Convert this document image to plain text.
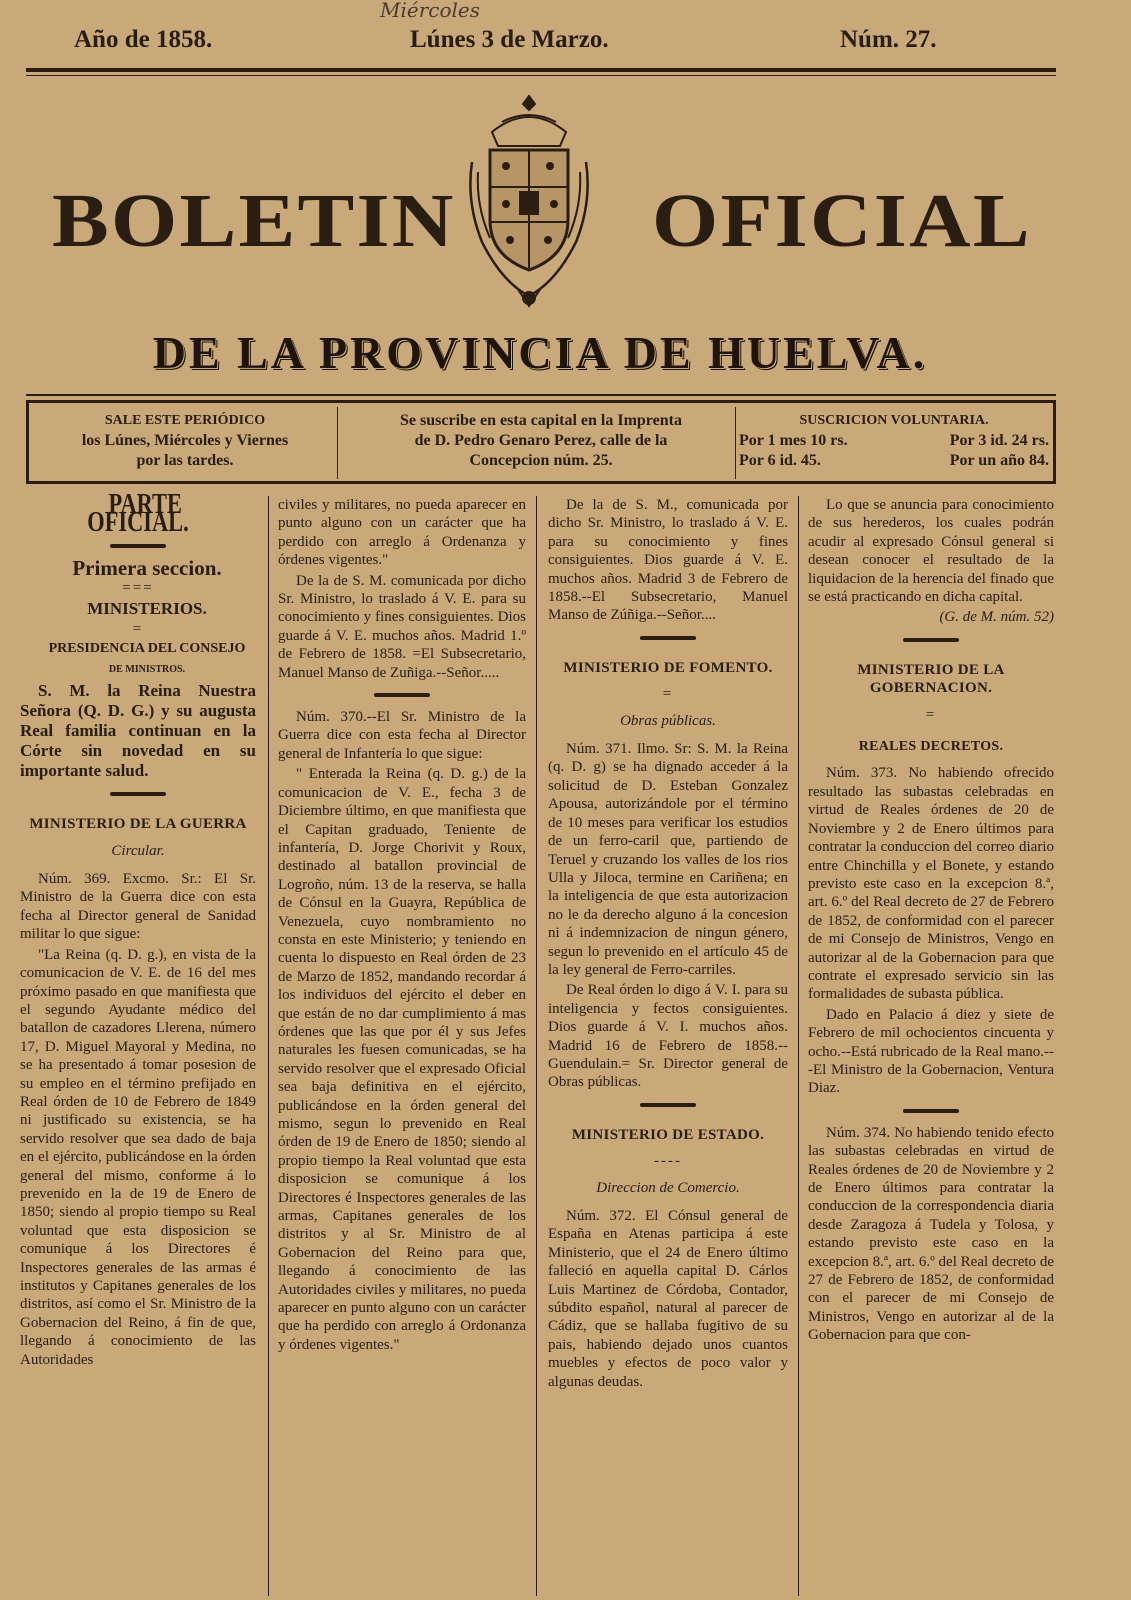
Miércoles
Año de 1858.	Lúnes 3 de Marzo.	Núm. 27.
BOLETIN	OFICIAL
DE LA PROVINCIA DE HUELVA.
SALE ESTE PERIÓDICO
los Lúnes, Miércoles y Viernes
por las tardes.
Se suscribe en esta capital en la Imprenta
de D. Pedro Genaro Perez, calle de la
Concepcion núm. 25.
SUSCRICION VOLUNTARIA.
Por 1 mes 10 rs.	Por 3 id. 24 rs.
Por 6 id. 45.	Por un año 84.

PARTE OFICIAL.

Primera seccion.

===

MINISTERIOS.

=

PRESIDENCIA DEL CONSEJO

DE MINISTROS.

S. M. la Reina Nuestra Señora (Q. D. G.) y su augusta Real familia continuan en la Córte sin novedad en su importante salud.

MINISTERIO DE LA GUERRA

Circular.

Núm. 369. Excmo. Sr.: El Sr. Ministro de la Guerra dice con esta fecha al Director general de Sanidad militar lo que sigue:

"La Reina (q. D. g.), en vista de la comunicacion de V. E. de 16 del mes próximo pasado en que manifiesta que el segundo Ayudante médico del batallon de cazadores Llerena, número 17, D. Miguel Mayoral y Medina, no se ha presentado á tomar posesion de su empleo en el término prefijado en Real órden de 10 de Febrero de 1849 ni justificado su existencia, se ha servido resolver que sea dado de baja en el ejército, publicándose en la órden general del mismo, conforme á lo prevenido en la de 19 de Enero de 1850; siendo al propio tiempo su Real voluntad que esta disposicion se comunique á los Directores é Inspectores generales de las armas é institutos y Capitanes generales de los distritos, así como el Sr. Ministro de la Gobernacion del Reino, á fin de que, llegando á conocimiento de las Autoridades

civiles y militares, no pueda aparecer en punto alguno con un carácter que ha perdido con arreglo á Ordenanza y órdenes vigentes."

De la de S. M. comunicada por dicho Sr. Ministro, lo traslado á V. E. para su conocimiento y fines consiguientes. Dios guarde á V. E. muchos años. Madrid 1.º de Febrero de 1858. =El Subsecretario, Manuel Manso de Zuñiga.--Señor.....

Núm. 370.--El Sr. Ministro de la Guerra dice con esta fecha al Director general de Infantería lo que sigue:

" Enterada la Reina (q. D. g.) de la comunicacion de V. E., fecha 3 de Diciembre último, en que manifiesta que el Capitan graduado, Teniente de infantería, D. Jorge Chorivit y Roux, destinado al batallon provincial de Logroño, núm. 13 de la reserva, se halla de Cónsul en la Guayra, República de Venezuela, cuyo nombramiento no consta en este Ministerio; y teniendo en cuenta lo dispuesto en Real órden de 23 de Marzo de 1852, mandando recordar á los individuos del ejército el deber en que están de no dar cumplimiento á mas órdenes que las que por él y sus Jefes naturales les fuesen comunicadas, se ha servido resolver que el expresado Oficial sea baja definitiva en el ejército, publicándose en la órden general del mismo, segun lo prevenido en Real órden de 19 de Enero de 1850; siendo al propio tiempo la Real voluntad que esta disposicion se comunique á los Directores é Inspectores generales de las armas, Capitanes generales de los distritos y al Sr. Ministro de al Gobernacion del Reino para que, llegando á conocimiento de las Autoridades civiles y militares, no pueda aparecer en punto alguno con un carácter que ha perdido con arreglo á Ordonanza y órdenes vigentes."

De la de S. M., comunicada por dicho Sr. Ministro, lo traslado á V. E. para su conocimiento y fines consiguientes. Dios guarde á V. E. muchos años. Madrid 3 de Febrero de 1858.--El Subsecretario, Manuel Manso de Zúñiga.--Señor....

MINISTERIO DE FOMENTO.

=

Obras públicas.

Núm. 371. Ilmo. Sr: S. M. la Reina (q. D. g) se ha dignado acceder á la solicitud de D. Esteban Gonzalez Apousa, autorizándole por el término de 10 meses para verificar los estudios de un ferro-caril que, partiendo de Teruel y cruzando los valles de los rios Ulla y Jiloca, termine en Cariñena; en la inteligencia de que esta autorizacion no le da derecho alguno á la concesion ni á indemnizacion de ningun género, segun lo prevenido en el artículo 45 de la ley general de Ferro-carriles.

De Real órden lo digo á V. I. para su inteligencia y fectos consiguientes. Dios guarde á V. I. muchos años. Madrid 16 de Febrero de 1858.--Guendulain.= Sr. Director general de Obras públicas.

MINISTERIO DE ESTADO.

----

Direccion de Comercio.

Núm. 372. El Cónsul general de España en Atenas participa á este Ministerio, que el 24 de Enero último falleció en aquella capital D. Cárlos Luis Martinez de Córdoba, Contador, súbdito español, natural al parecer de Cádiz, que se hallaba fugitivo de su pais, habiendo dejado unos cuantos muebles y efectos de poco valor y algunas deudas.

Lo que se anuncia para conocimiento de sus herederos, los cuales podrán acudir al expresado Cónsul general si desean conocer el resultado de la liquidacion de la herencia del finado que se está practicando en dicha capital.

(G. de M. núm. 52)

MINISTERIO DE LA GOBERNACION.

=

REALES DECRETOS.

Núm. 373. No habiendo ofrecido resultado las subastas celebradas en virtud de Reales órdenes de 20 de Noviembre y 2 de Enero últimos para contratar la conduccion del correo diario entre Chinchilla y el Bonete, y estando previsto este caso en la excepcion 8.ª, art. 6.º del Real decreto de 27 de Febrero de 1852, de conformidad con el parecer de mi Consejo de Ministros, Vengo en autorizar al de la Gobernacion para que contrate el expresado servicio sin las formalidades de subasta pública.

Dado en Palacio á diez y siete de Febrero de mil ochocientos cincuenta y ocho.--Está rubricado de la Real mano.---El Ministro de la Gobernacion, Ventura Diaz.

Núm. 374. No habiendo tenido efecto las subastas celebradas en virtud de Reales órdenes de 20 de Noviembre y 2 de Enero últimos para contratar la conduccion de la correspondencia diaria desde Zaragoza á Tudela y Tolosa, y estando previsto este caso en la excepcion 8.ª, art. 6.º del Real decreto de 27 de Febrero de 1852, de conformidad con el parecer de mi Consejo de Ministros, Vengo en autorizar al de la Gobernacion para que con-
